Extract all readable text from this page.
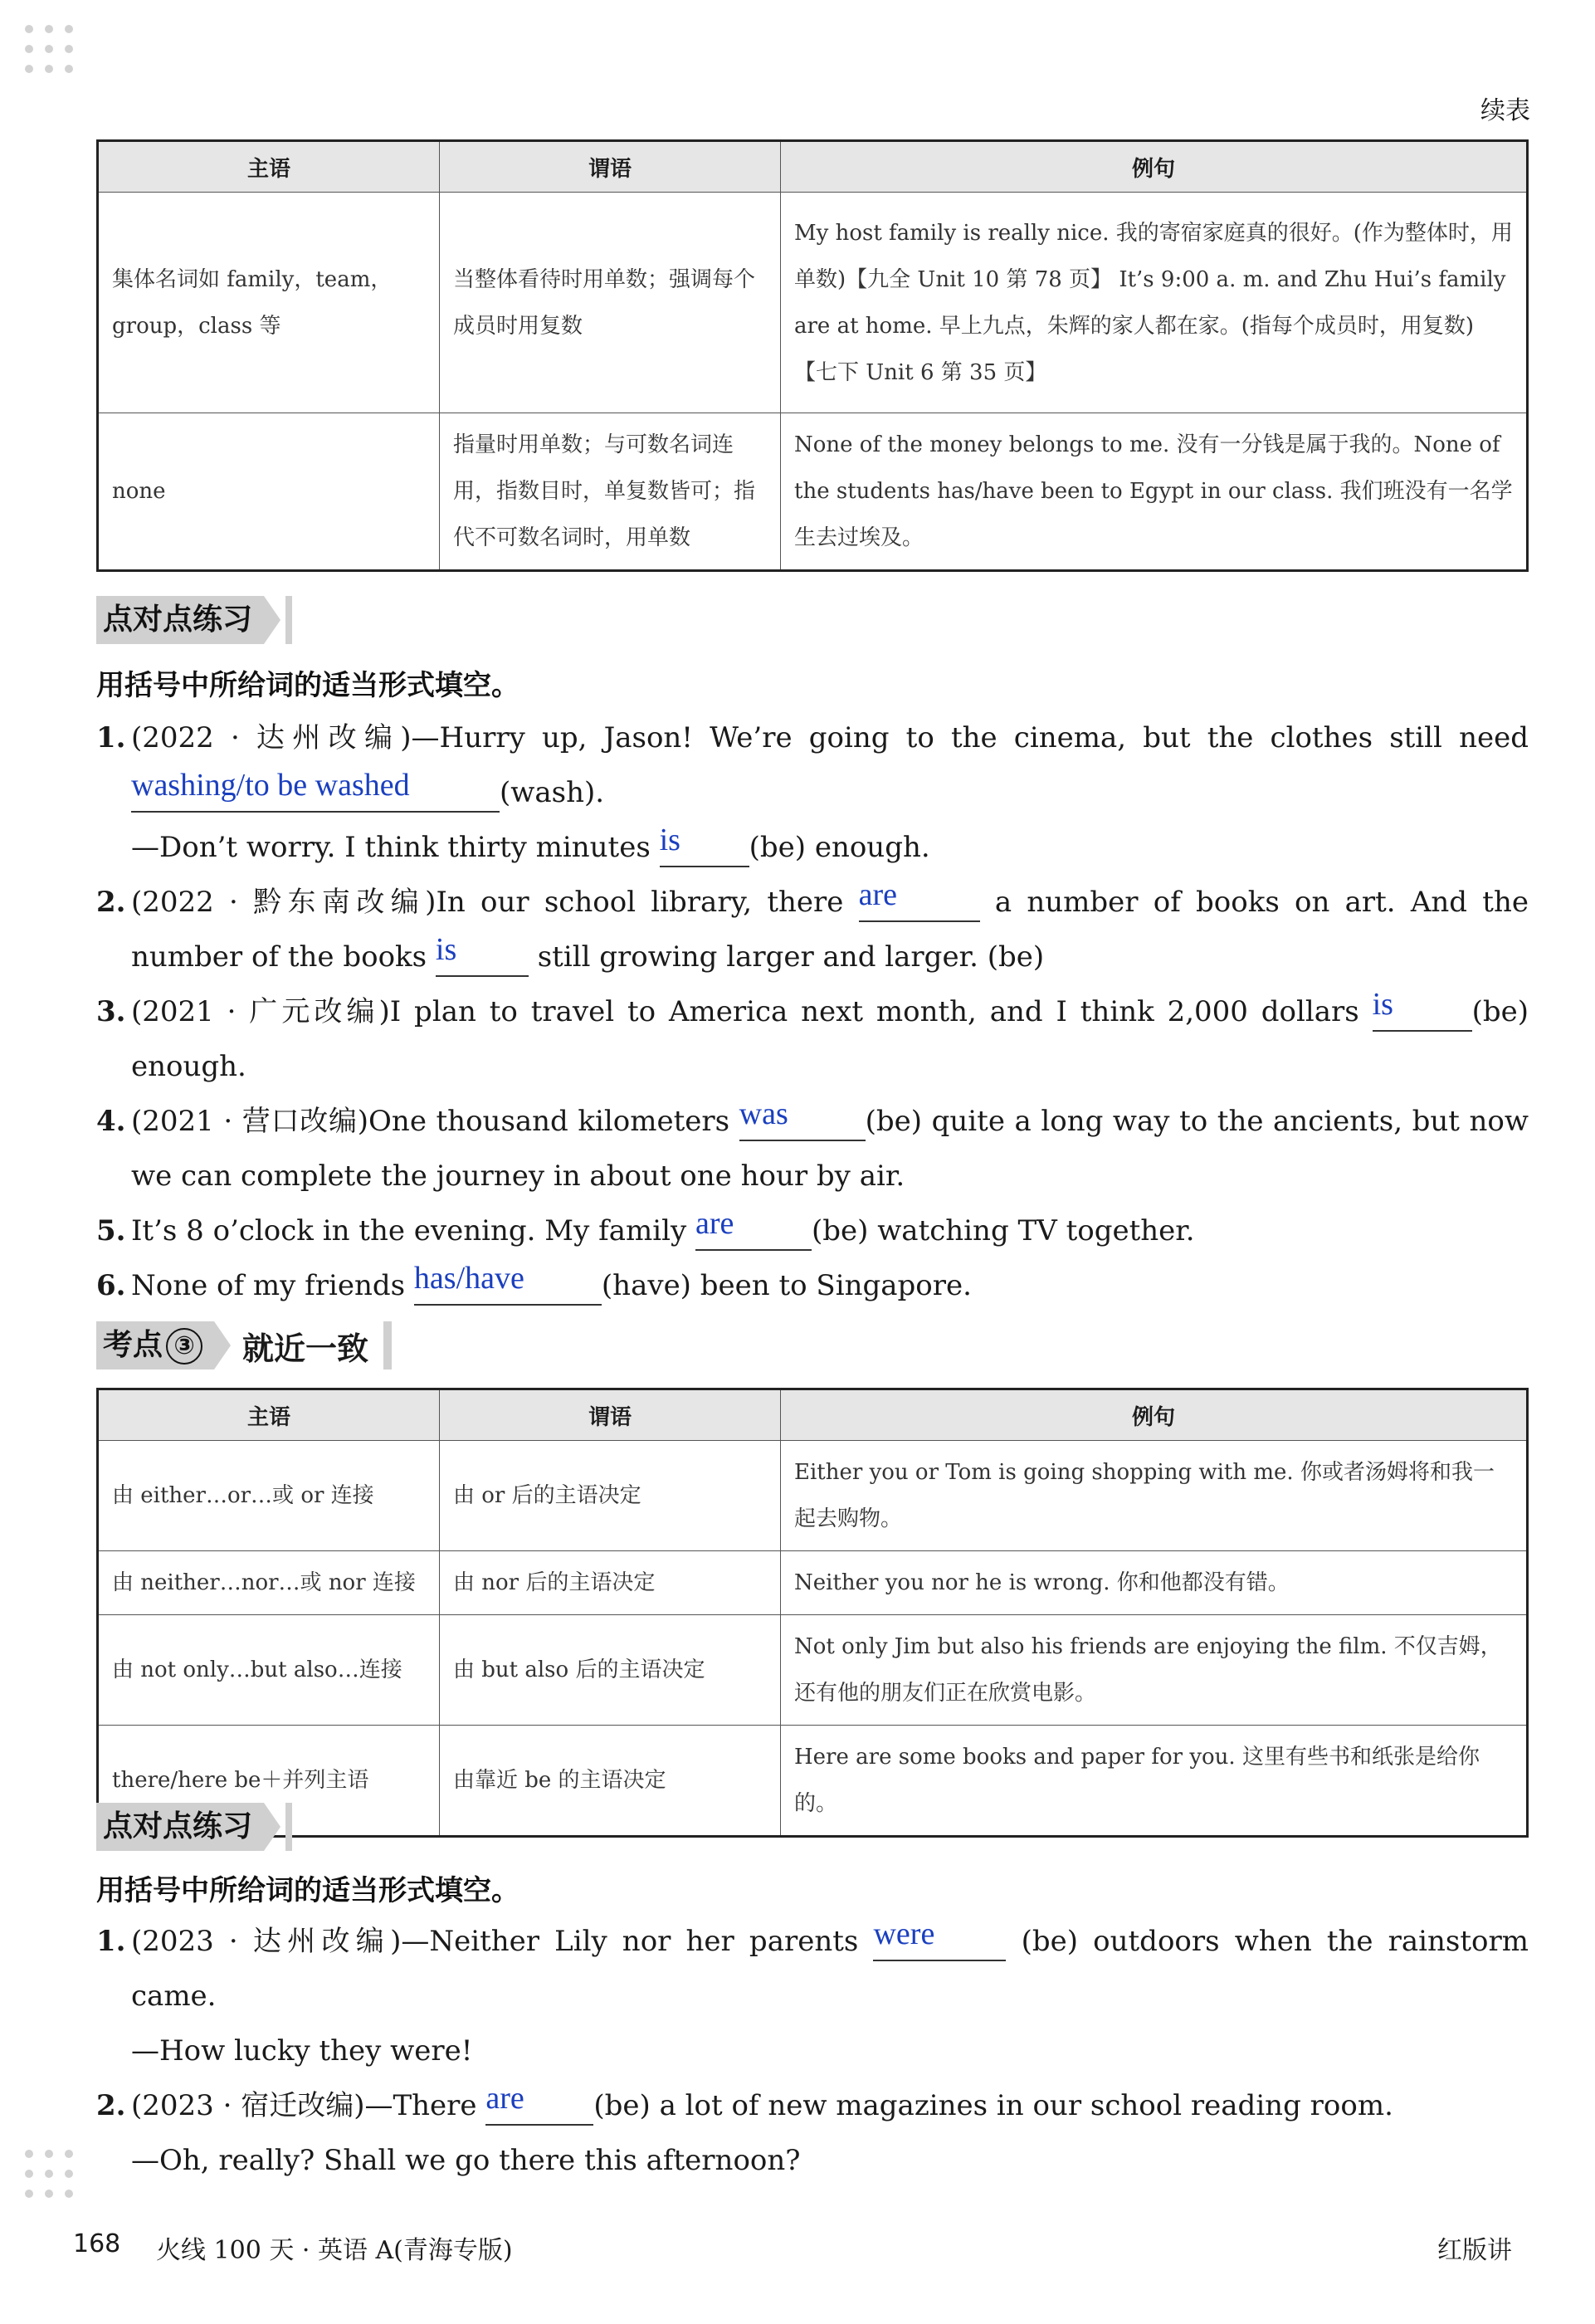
续表
主语	谓语	例句
集体名词如 family，team，group，class 等	当整体看待时用单数；强调每个成员时用复数	My host family is really nice. 我的寄宿家庭真的很好。(作为整体时，用单数)【九全 Unit 10 第 78 页】 It’s 9:00 a. m. and Zhu Hui’s family are at home. 早上九点，朱辉的家人都在家。(指每个成员时，用复数)【七下 Unit 6 第 35 页】
none	指量时用单数；与可数名词连用，指数目时，单复数皆可；指代不可数名词时，用单数	None of the money belongs to me. 没有一分钱是属于我的。None of the students has/have been to Egypt in our class. 我们班没有一名学生去过埃及。
点对点练习
用括号中所给词的适当形式填空。

1. (2022 · 达州改编)—Hurry up, Jason! We’re going to the cinema, but the clothes still need

washing/to be washed	(wash).

—Don’t worry. I think thirty minutes is (be) enough.

2. (2022 · 黔东南改编)In our school library, there are	a number of books on art. And the

number of the books is	still growing larger and larger. (be)

3. (2021 · 广元改编)I plan to travel to America next month, and I think 2,000 dollars is	(be)

enough.

4. (2021 · 营口改编)One thousand kilometers was	(be) quite a long way to the ancients, but now

we can complete the journey in about one hour by air.

5. It’s 8 o’clock in the evening. My family are	(be) watching TV together.

6. None of my friends has/have	(have) been to Singapore.

考点 ③	就近一致
主语	谓语	例句
由 either…or…或 or 连接	由 or 后的主语决定	Either you or Tom is going shopping with me. 你或者汤姆将和我一起去购物。
由 neither…nor…或 nor 连接	由 nor 后的主语决定	Neither you nor he is wrong. 你和他都没有错。
由 not only…but also…连接	由 but also 后的主语决定	Not only Jim but also his friends are enjoying the film. 不仅吉姆，还有他的朋友们正在欣赏电影。
there/here be＋并列主语	由靠近 be 的主语决定	Here are some books and paper for you. 这里有些书和纸张是给你的。
点对点练习
用括号中所给词的适当形式填空。

1. (2023 · 达州改编)—Neither Lily nor her parents were	(be) outdoors when the rainstorm

came.

—How lucky they were!

2. (2023 · 宿迁改编)—There are (be) a lot of new magazines in our school reading room.

—Oh, really? Shall we go there this afternoon?

168 火线 100 天 · 英语 A(青海专版)	红版讲
